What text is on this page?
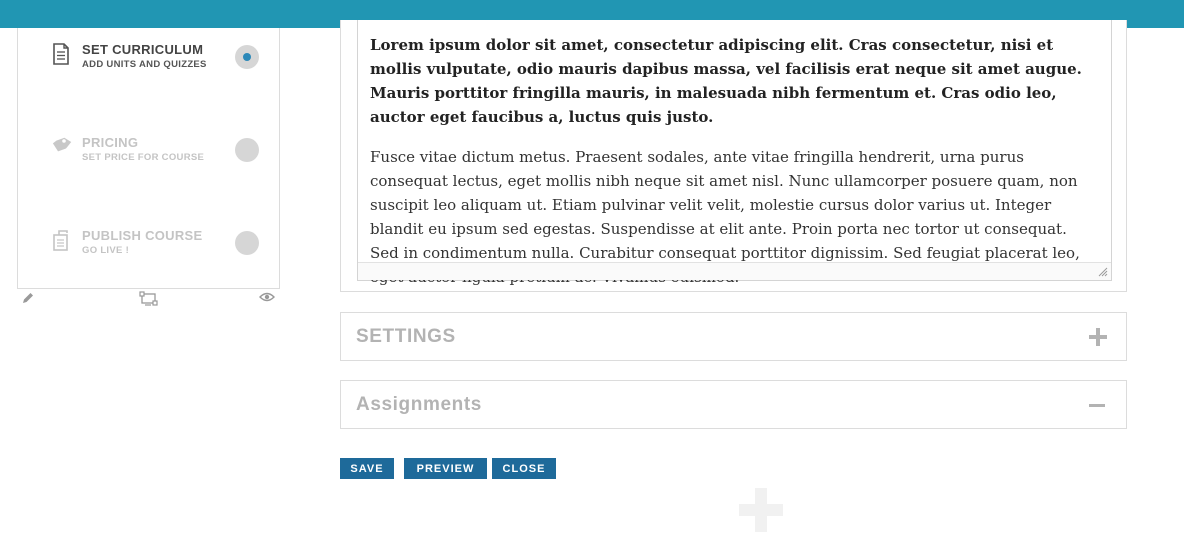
SET CURRICULUM
ADD UNITS AND QUIZZES
PRICING
SET PRICE FOR COURSE
PUBLISH COURSE
GO LIVE !

Lorem ipsum dolor sit amet, consectetur adipiscing elit. Cras consectetur, nisi et mollis vulputate, odio mauris dapibus massa, vel facilisis erat neque sit amet augue. Mauris porttitor fringilla mauris, in malesuada nibh fermentum et. Cras odio leo, auctor eget faucibus a, luctus quis justo.

Fusce vitae dictum metus. Praesent sodales, ante vitae fringilla hendrerit, urna purus consequat lectus, eget mollis nibh neque sit amet nisl. Nunc ullamcorper posuere quam, non suscipit leo aliquam ut. Etiam pulvinar velit velit, molestie cursus dolor varius ut. Integer blandit eu ipsum sed egestas. Suspendisse at elit ante. Proin porta nec tortor ut consequat. Sed in condimentum nulla. Curabitur consequat porttitor dignissim. Sed feugiat placerat leo,

SETTINGS
Assignments
SAVE	PREVIEW	CLOSE
